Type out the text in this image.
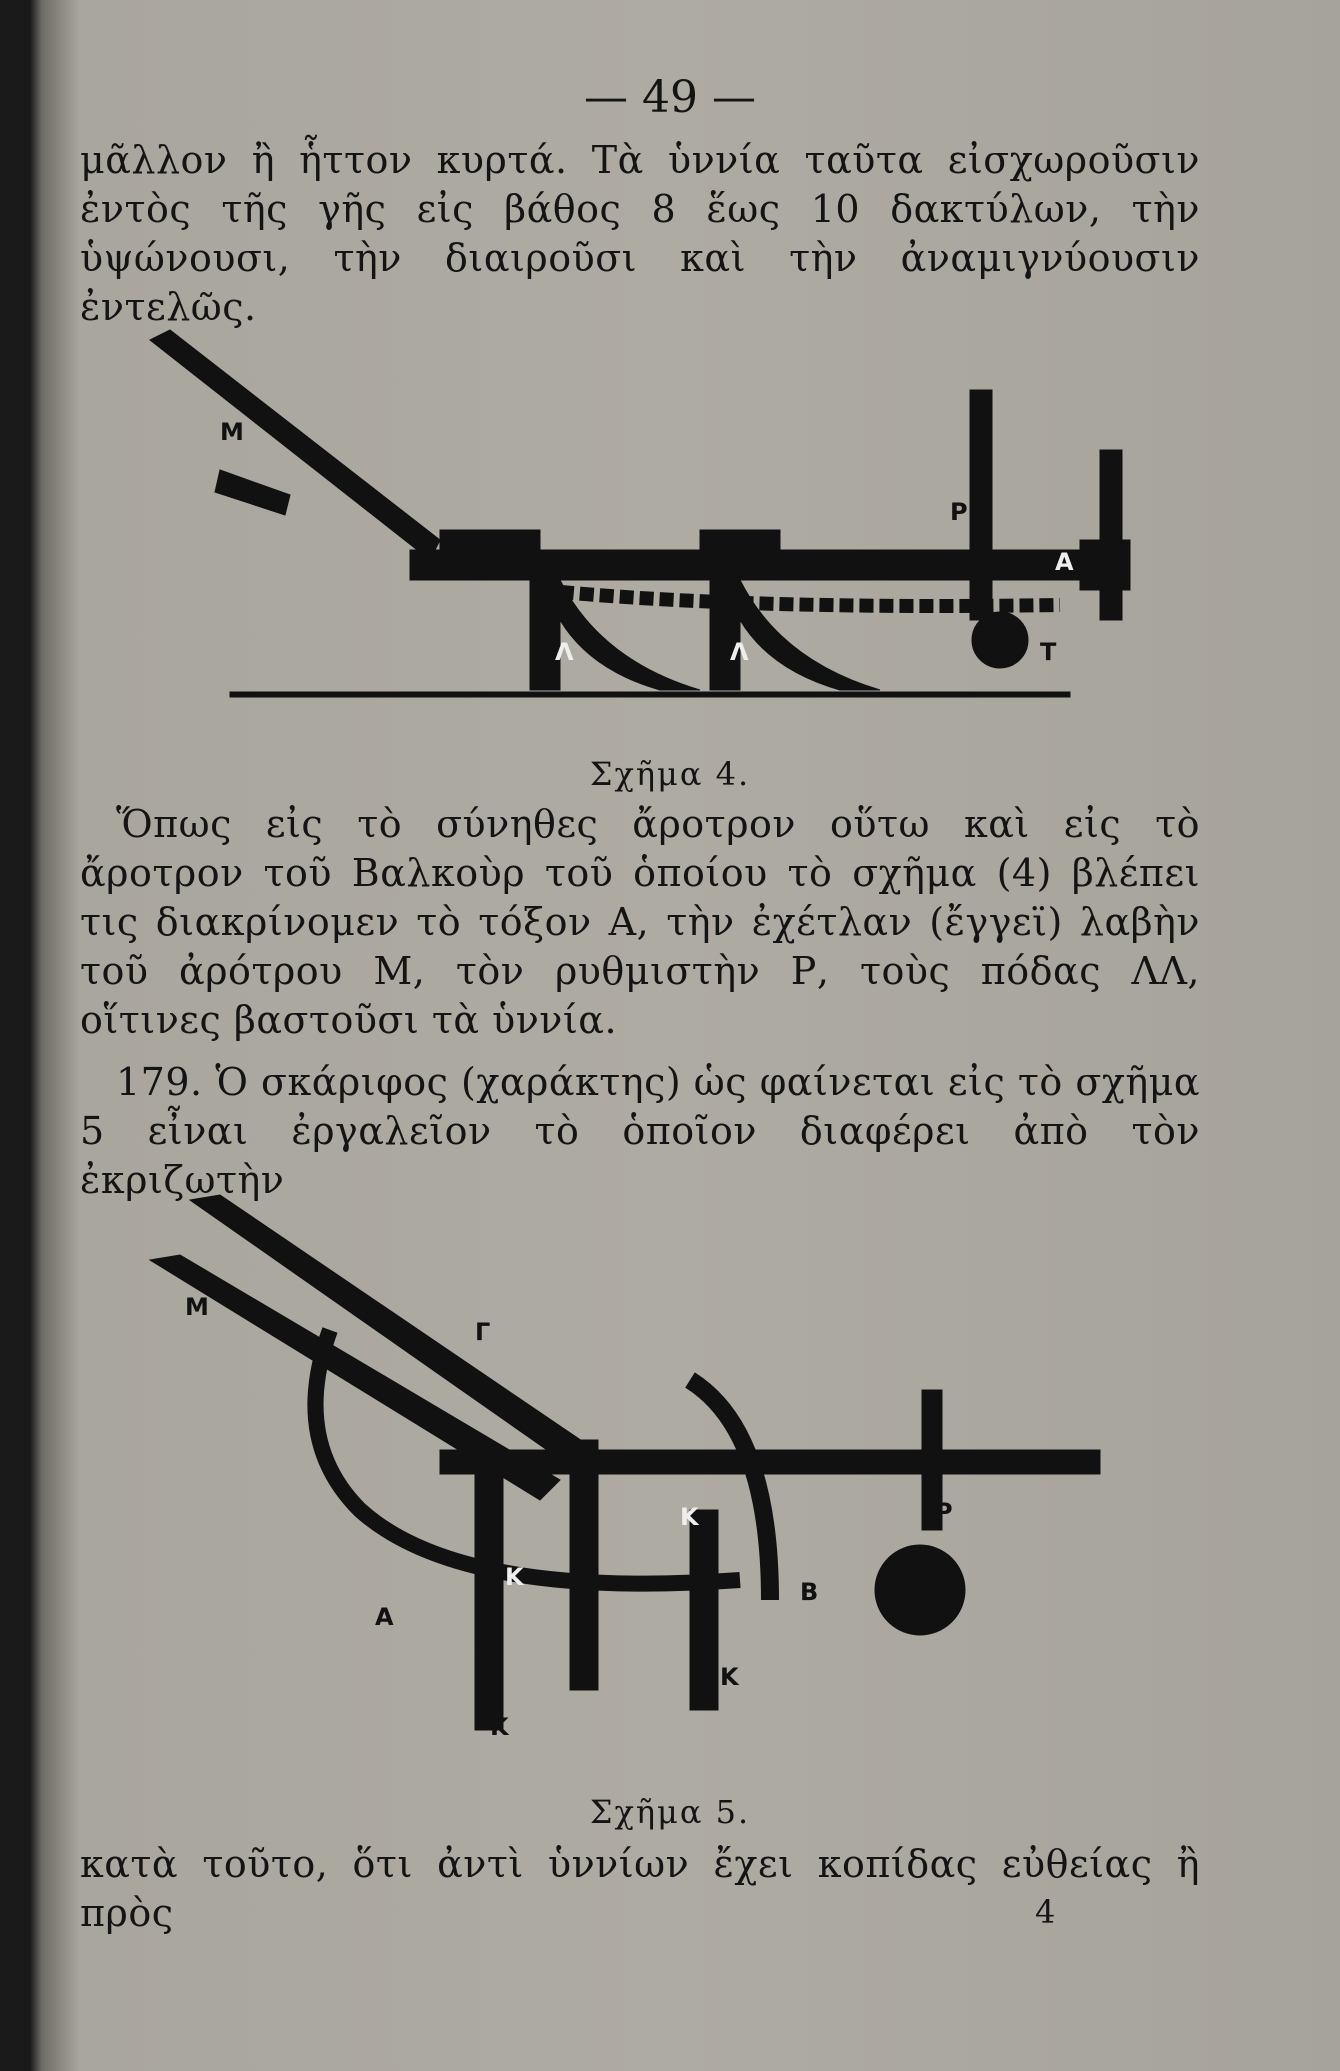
— 49 —
μᾶλλον ἢ ἧττον κυρτά. Τὰ ὑννία ταῦτα εἰσχωροῦσιν ἐντὸς τῆς γῆς εἰς βάθος 8 ἕως 10 δακτύλων, τὴν ὑψώνουσι, τὴν διαιροῦσι καὶ τὴν ἀναμιγνύουσιν ἐντελῶς.
Μ
Ρ
Α
Λ	Λ	Τ
Σχῆμα 4.
Ὅπως εἰς τὸ σύνηθες ἄροτρον οὕτω καὶ εἰς τὸ ἄροτρον τοῦ Βαλκοὺρ τοῦ ὁποίου τὸ σχῆμα (4) βλέπει τις διακρίνομεν τὸ τόξον Α, τὴν ἐχέτλαν (ἔγγεϊ) λαβὴν τοῦ ἀρότρου Μ, τὸν ρυθμιστὴν Ρ, τοὺς πόδας ΛΛ, οἵτινες βαστοῦσι τὰ ὑννία.
179. Ὁ σκάριφος (χαράκτης) ὡς φαίνεται εἰς τὸ σχῆμα 5 εἶναι ἐργαλεῖον τὸ ὁποῖον διαφέρει ἀπὸ τὸν ἐκριζωτὴν
Μ
Γ
Ρ
Κ
Κ
Β
Α
Κ
Κ
Σχῆμα 5.
κατὰ τοῦτο, ὅτι ἀντὶ ὑννίων ἔχει κοπίδας εὐθείας ἢ πρὸς	4
